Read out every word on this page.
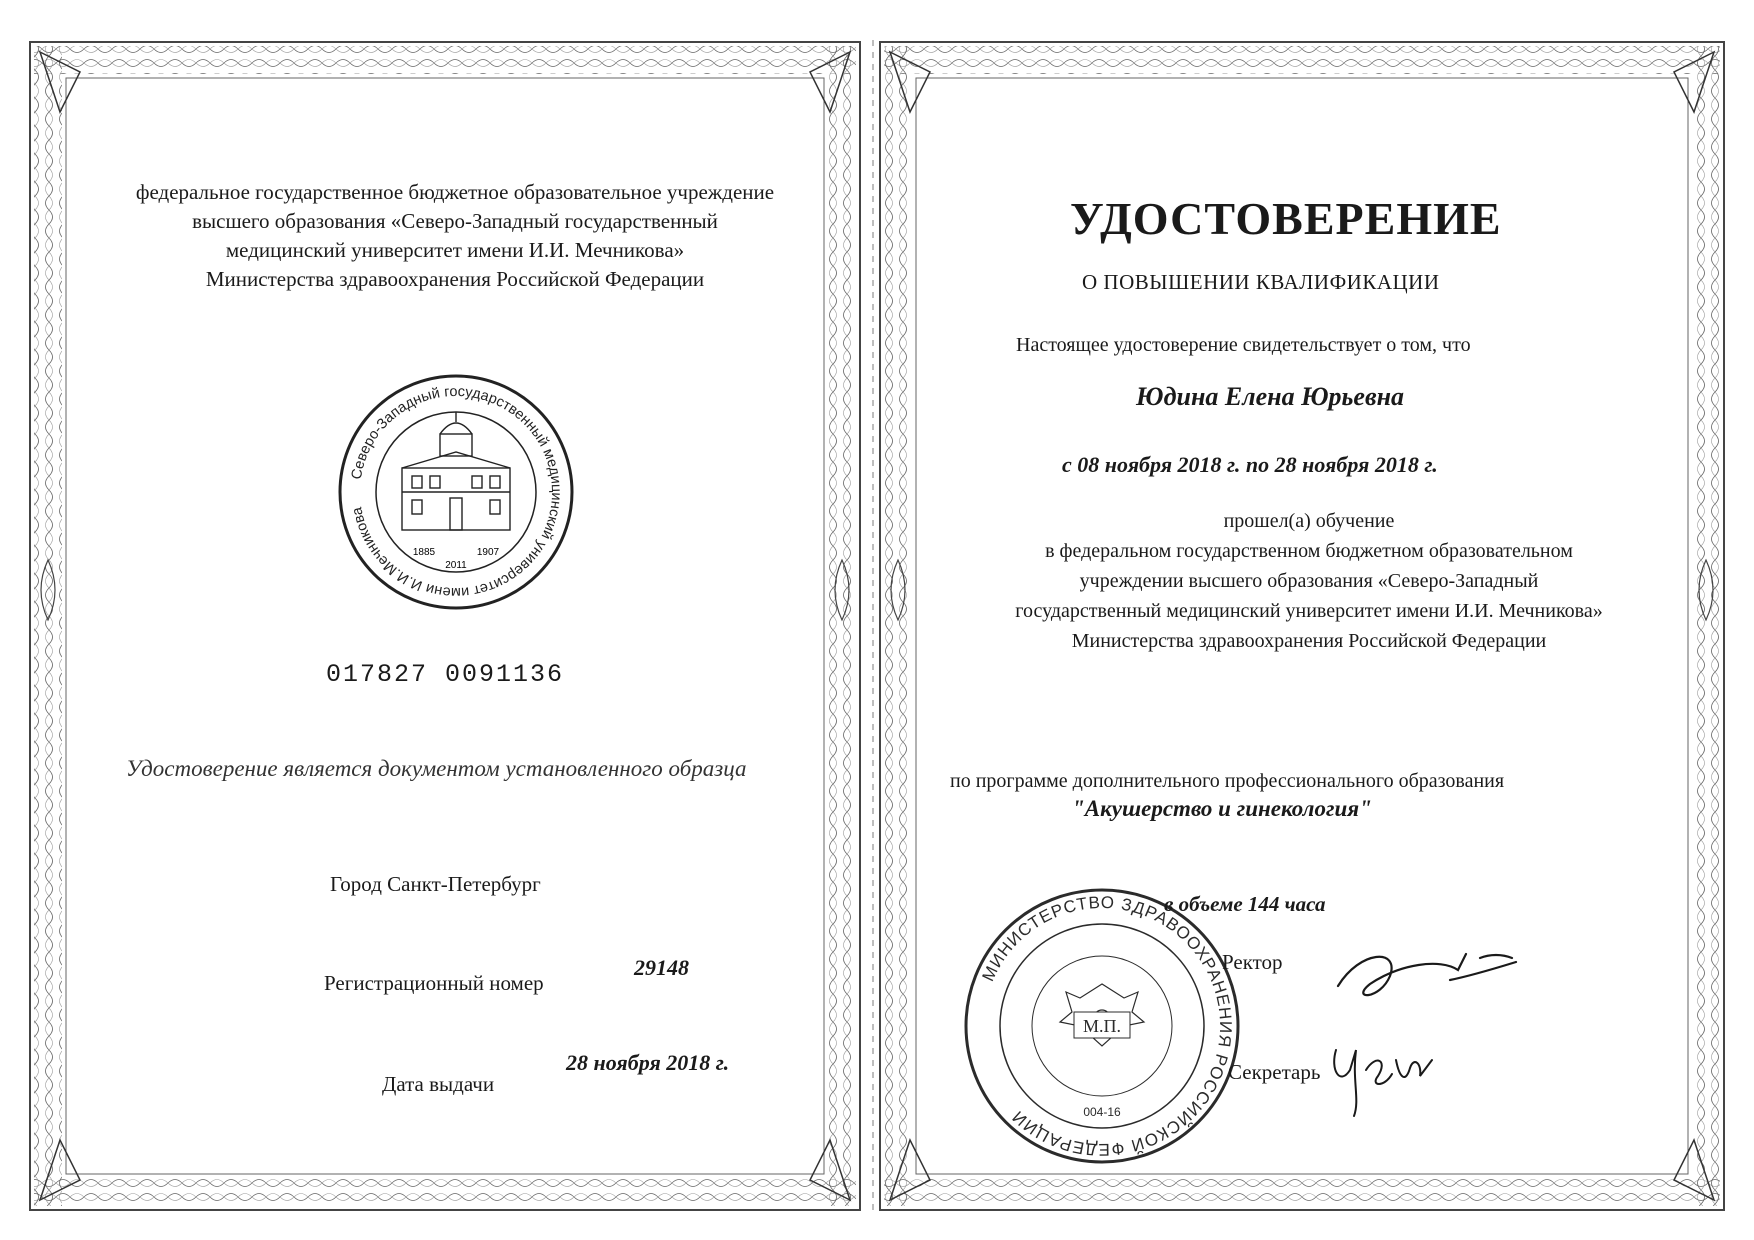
федеральное государственное бюджетное образовательное учреждение
высшего образования «Северо-Западный государственный
медицинский университет имени И.И. Мечникова»
Министерства здравоохранения Российской Федерации
Северо-Западный государственный медицинский университет имени И.И.Мечникова
1885	1907
2011
017827 0091136
Удостоверение является документом установленного образца
Город Санкт-Петербург
Регистрационный номер
29148
Дата выдачи
28 ноября 2018 г.
УДОСТОВЕРЕНИЕ
О ПОВЫШЕНИИ КВАЛИФИКАЦИИ
Настоящее удостоверение свидетельствует о том, что
Юдина Елена Юрьевна
с 08 ноября 2018 г. по 28 ноября 2018 г.
прошел(а) обучение
в федеральном государственном бюджетном образовательном
учреждении высшего образования «Северо-Западный
государственный медицинский университет имени И.И. Мечникова»
Министерства здравоохранения Российской Федерации
по программе дополнительного профессионального образования
"Акушерство и гинекология"
МИНИСТЕРСТВО ЗДРАВООХРАНЕНИЯ РОССИЙСКОЙ ФЕДЕРАЦИИ
М.П.
004-16
в объеме 144 часа
Ректор
Секретарь
